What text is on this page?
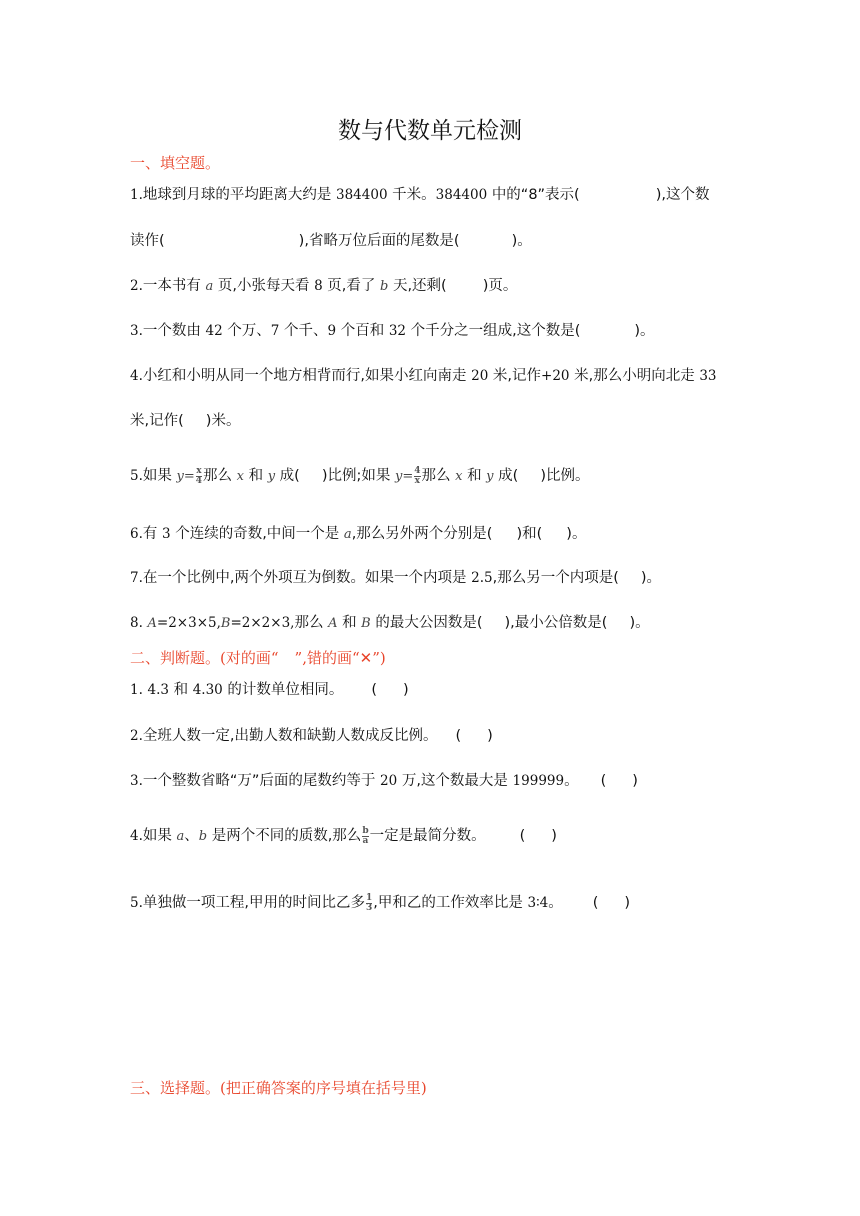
数与代数单元检测
一、填空题。
1.地球到月球的平均距离大约是 384400 千米。384400 中的“8”表示(	),这个数
读作(	),省略万位后面的尾数是(	)。
2.一本书有 a 页,小张每天看 8 页,看了 b 天,还剩( )页。
3.一个数由 42 个万、7 个千、9 个百和 32 个千分之一组成,这个数是(	)。
4.小红和小明从同一个地方相背而行,如果小红向南走 20 米,记作+20 米,那么小明向北走 33
米,记作( )米。
5.如果 $y=\frac{x}{4}$ 那么 x 和 y 成( )比例;如果 $y=\frac{4}{x}$ 那么 x 和 y 成( )比例。
6.有 3 个连续的奇数,中间一个是 a,那么另外两个分别是( )和( )。
7.在一个比例中,两个外项互为倒数。如果一个内项是 2.5,那么另一个内项是( )。
8. A=2×3×5,B=2×2×3,那么 A 和 B 的最大公因数是( ),最小公倍数是( )。
二、判断题。(对的画“ ”,错的画“✕”)
1. 4.3 和 4.30 的计数单位相同。 ( )
2.全班人数一定,出勤人数和缺勤人数成反比例。 ( )
3.一个整数省略“万”后面的尾数约等于 20 万,这个数最大是 199999。 ( )
4.如果 a、b 是两个不同的质数,那么$\frac{b}{a}$ 一定是最简分数。 ( )
5.单独做一项工程,甲用的时间比乙多$\frac{1}{3}$ ,甲和乙的工作效率比是 3∶4。 ( )
三、选择题。(把正确答案的序号填在括号里)
